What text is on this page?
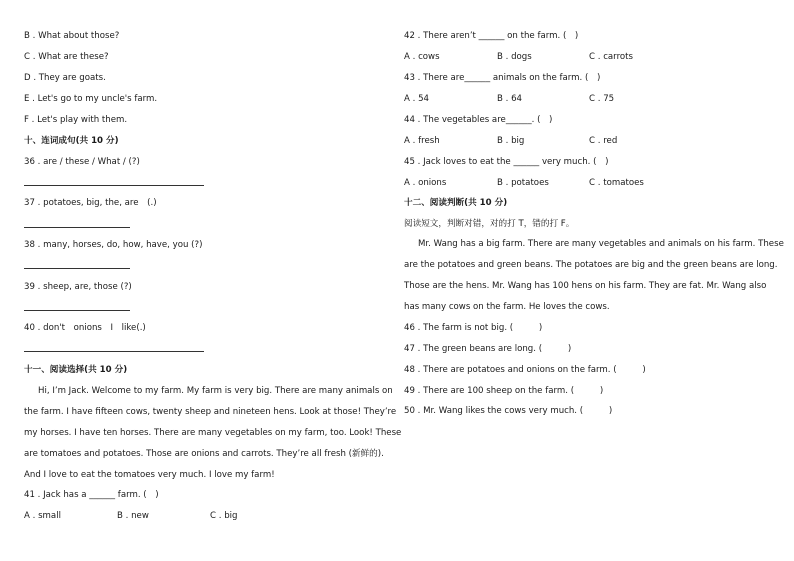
B . What about those?
C . What are these?
D . They are goats.
E . Let's go to my uncle's farm.
F . Let's play with them.
十、连词成句(共 10 分)
36 . are / these / What / (?)
37 . potatoes, big, the, are　(.)
38 . many, horses, do, how, have, you (?)
39 . sheep, are, those (?)
40 . don't　onions　I　like(.)
十一、阅读选择(共 10 分)
Hi, I’m Jack. Welcome to my farm. My farm is very big. There are many animals on
the farm. I have fifteen cows, twenty sheep and nineteen hens. Look at those! They’re
my horses. I have ten horses. There are many vegetables on my farm, too. Look! These
are tomatoes and potatoes. Those are onions and carrots. They’re all fresh (新鲜的).
And I love to eat the tomatoes very much. I love my farm!
41 . Jack has a ______ farm. (　)
A . small	B . new	C . big
42 . There aren’t ______ on the farm. (　)
A . cows	B . dogs	C . carrots
43 . There are______ animals on the farm. (　)
A . 54	B . 64	C . 75
44 . The vegetables are______. (　)
A . fresh	B . big	C . red
45 . Jack loves to eat the ______ very much. (　)
A . onions	B . potatoes	C . tomatoes
十二、阅读判断(共 10 分)
阅读短文，判断对错，对的打 T，错的打 F。
Mr. Wang has a big farm. There are many vegetables and animals on his farm. These
are the potatoes and green beans. The potatoes are big and the green beans are long.
Those are the hens. Mr. Wang has 100 hens on his farm. They are fat. Mr. Wang also
has many cows on the farm. He loves the cows.
46 . The farm is not big. (　　　)
47 . The green beans are long. (　　　)
48 . There are potatoes and onions on the farm. (　　　)
49 . There are 100 sheep on the farm. (　　　)
50 . Mr. Wang likes the cows very much. (　　　)
